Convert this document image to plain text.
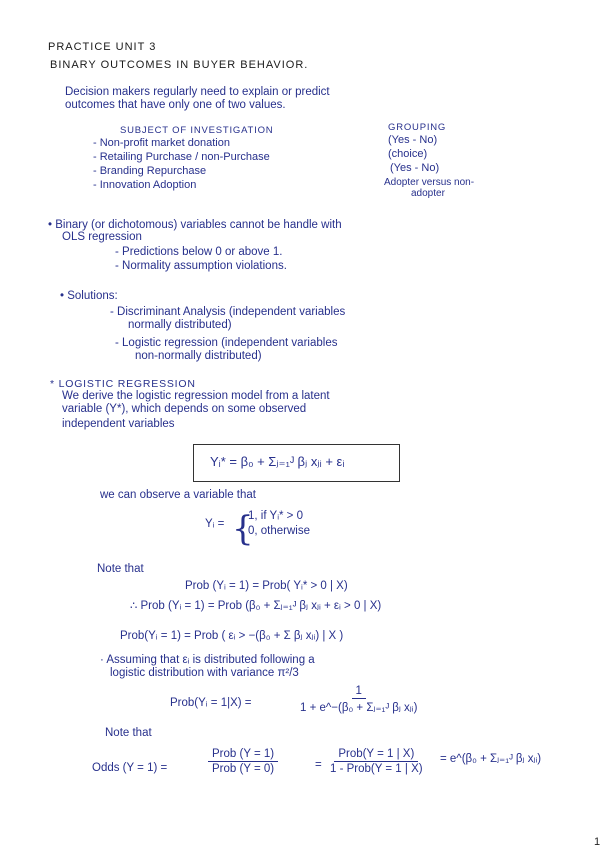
PRACTICE UNIT 3
BINARY OUTCOMES IN BUYER BEHAVIOR.
Decision makers regularly need to explain or predict
outcomes that have only one of two values.
SUBJECT OF INVESTIGATION	GROUPING
- Non-profit market donation	(Yes - No)
- Retailing Purchase / non-Purchase	(choice)
- Branding Repurchase	(Yes - No)
- Innovation Adoption	Adopter versus non-
adopter
• Binary (or dichotomous) variables cannot be handle with
OLS regression
- Predictions below 0 or above 1.
- Normality assumption violations.
• Solutions:
- Discriminant Analysis (independent variables
normally distributed)
- Logistic regression (independent variables
non-normally distributed)
* LOGISTIC REGRESSION
We derive the logistic regression model from a latent
variable (Y*), which depends on some observed
independent variables
Yᵢ* = β₀ + Σⱼ₌₁ᴶ βⱼ xⱼᵢ + εᵢ
we can observe a variable that
Yᵢ = {
1, if Yᵢ* > 0
0, otherwise
Note that
Prob (Yᵢ = 1) = Prob( Yᵢ* > 0 | X)
∴ Prob (Yᵢ = 1) = Prob (β₀ + Σⱼ₌₁ᴶ βⱼ xⱼᵢ + εᵢ > 0 | X)
Prob(Yᵢ = 1) = Prob ( εᵢ > −(β₀ + Σ βⱼ xⱼᵢ) | X )
· Assuming that εᵢ is distributed following a
logistic distribution with variance π²/3
Prob(Yᵢ = 1|X) =
1
1 + e^−(β₀ + Σⱼ₌₁ᴶ βⱼ xⱼᵢ)
Note that
Odds (Y = 1) =
Prob (Y = 1)
Prob (Y = 0)	=
Prob(Y = 1 | X)
1 - Prob(Y = 1 | X)
= e^(β₀ + Σⱼ₌₁ᴶ βⱼ xⱼᵢ)
1
